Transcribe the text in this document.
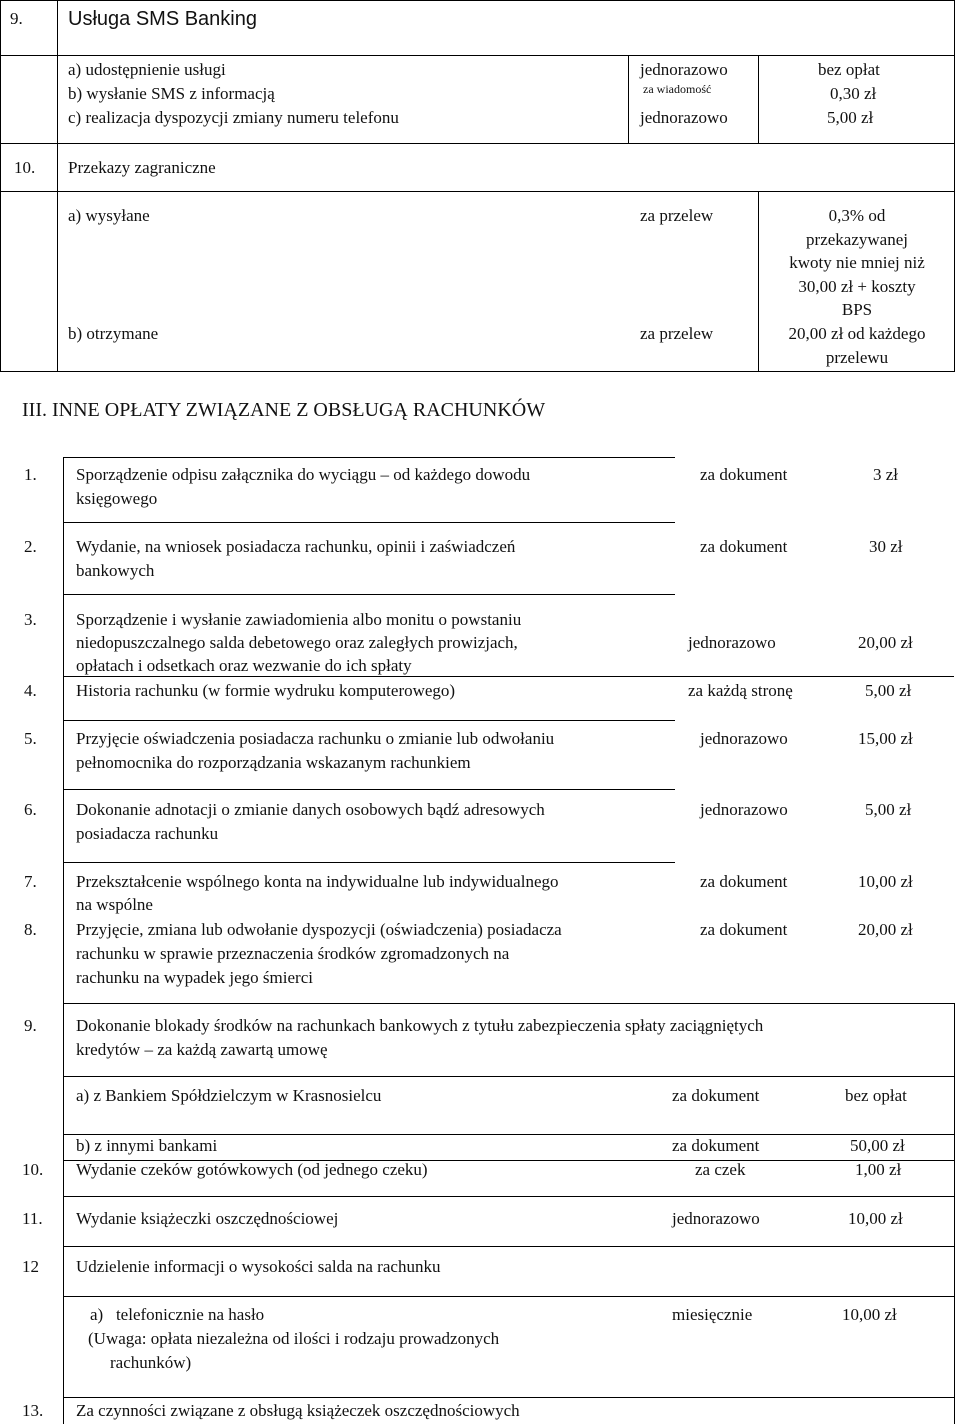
9. Usługa SMS Banking
a) udostępnienie usługi	jednorazowo	bez opłat
b) wysłanie SMS z informacją	za wiadomość	0,30 zł
c) realizacja dyspozycji zmiany numeru telefonu	jednorazowo	5,00 zł
10. Przekazy zagraniczne
a) wysyłane	za przelew	0,3% od
przekazywanej
kwoty nie mniej niż
30,00 zł + koszty
BPS
b) otrzymane	za przelew	20,00 zł od każdego
przelewu
III. INNE OPŁATY ZWIĄZANE Z OBSŁUGĄ RACHUNKÓW
1. Sporządzenie odpisu załącznika do wyciągu – od każdego dowodu
księgowego
za dokument	3 zł
2. Wydanie, na wniosek posiadacza rachunku, opinii i zaświadczeń
bankowych
za dokument	30 zł
3. Sporządzenie i wysłanie zawiadomienia albo monitu o powstaniu
niedopuszczalnego salda debetowego oraz zaległych prowizjach,
opłatach i odsetkach oraz wezwanie do ich spłaty
jednorazowo	20,00 zł
4. Historia rachunku (w formie wydruku komputerowego)	za każdą stronę	5,00 zł
5. Przyjęcie oświadczenia posiadacza rachunku o zmianie lub odwołaniu
pełnomocnika do rozporządzania wskazanym rachunkiem
jednorazowo	15,00 zł
6. Dokonanie adnotacji o zmianie danych osobowych bądź adresowych
posiadacza rachunku
jednorazowo	5,00 zł
7. Przekształcenie wspólnego konta na indywidualne lub indywidualnego
na wspólne
za dokument	10,00 zł
8. Przyjęcie, zmiana lub odwołanie dyspozycji (oświadczenia) posiadacza
rachunku w sprawie przeznaczenia środków zgromadzonych na
rachunku na wypadek jego śmierci
za dokument	20,00 zł
9. Dokonanie blokady środków na rachunkach bankowych z tytułu zabezpieczenia spłaty zaciągniętych
kredytów – za każdą zawartą umowę
a) z Bankiem Spółdzielczym w Krasnosielcu	za dokument	bez opłat
b) z innymi bankami	za dokument	50,00 zł
10. Wydanie czeków gotówkowych (od jednego czeku)	za czek	1,00 zł
11. Wydanie książeczki oszczędnościowej	jednorazowo	10,00 zł
12 Udzielenie informacji o wysokości salda na rachunku
a)   telefonicznie na hasło
(Uwaga: opłata niezależna od ilości i rodzaju prowadzonych
rachunków)
miesięcznie	10,00 zł
13. Za czynności związane z obsługą książeczek oszczędnościowych
